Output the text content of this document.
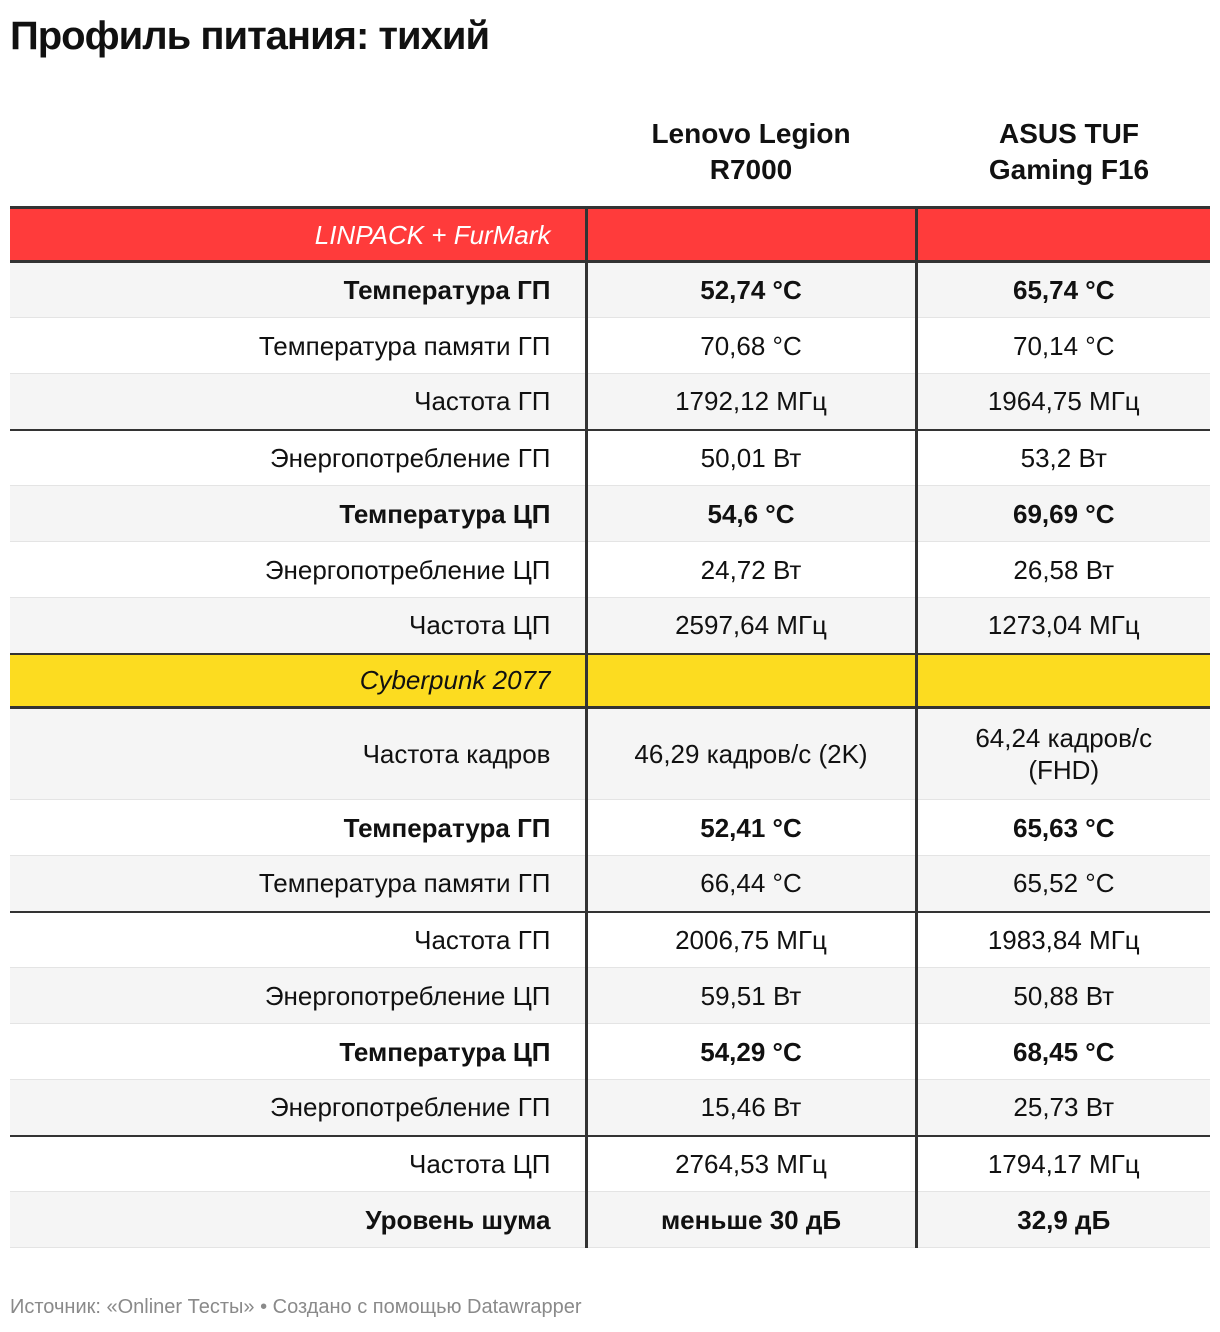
Профиль питания: тихий
Lenovo Legion
R7000
ASUS TUF
Gaming F16
LINPACK + FurMark		
Температура ГП	52,74 °C	65,74 °C
Температура памяти ГП	70,68 °C	70,14 °C
Частота ГП	1792,12 МГц	1964,75 МГц
Энергопотребление ГП	50,01 Вт	53,2 Вт
Температура ЦП	54,6 °C	69,69 °C
Энергопотребление ЦП	24,72 Вт	26,58 Вт
Частота ЦП	2597,64 МГц	1273,04 МГц
Cyberpunk 2077		
Частота кадров	46,29 кадров/с (2K)	64,24 кадров/с (FHD)
Температура ГП	52,41 °C	65,63 °C
Температура памяти ГП	66,44 °C	65,52 °C
Частота ГП	2006,75 МГц	1983,84 МГц
Энергопотребление ЦП	59,51 Вт	50,88 Вт
Температура ЦП	54,29 °C	68,45 °C
Энергопотребление ГП	15,46 Вт	25,73 Вт
Частота ЦП	2764,53 МГц	1794,17 МГц
Уровень шума	меньше 30 дБ	32,9 дБ
Источник: «Onliner Тесты» • Создано с помощью Datawrapper
